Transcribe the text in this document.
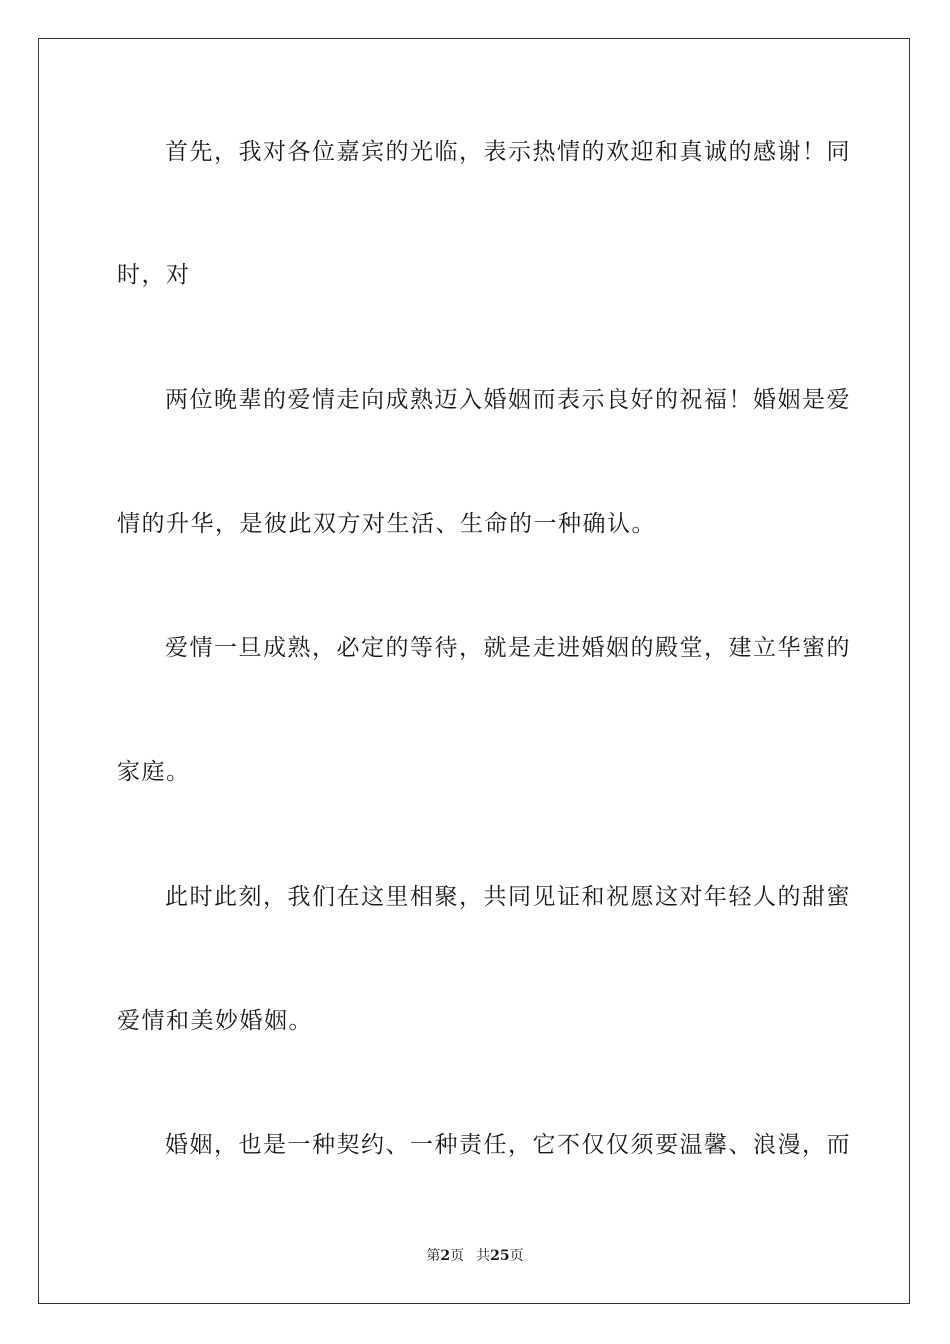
首先，我对各位嘉宾的光临，表示热情的欢迎和真诚的感谢！同
时，对
两位晚辈的爱情走向成熟迈入婚姻而表示良好的祝福！婚姻是爱
情的升华，是彼此双方对生活、生命的一种确认。
爱情一旦成熟，必定的等待，就是走进婚姻的殿堂，建立华蜜的
家庭。
此时此刻，我们在这里相聚，共同见证和祝愿这对年轻人的甜蜜
爱情和美妙婚姻。
婚姻，也是一种契约、一种责任，它不仅仅须要温馨、浪漫，而
第2页 共25页
